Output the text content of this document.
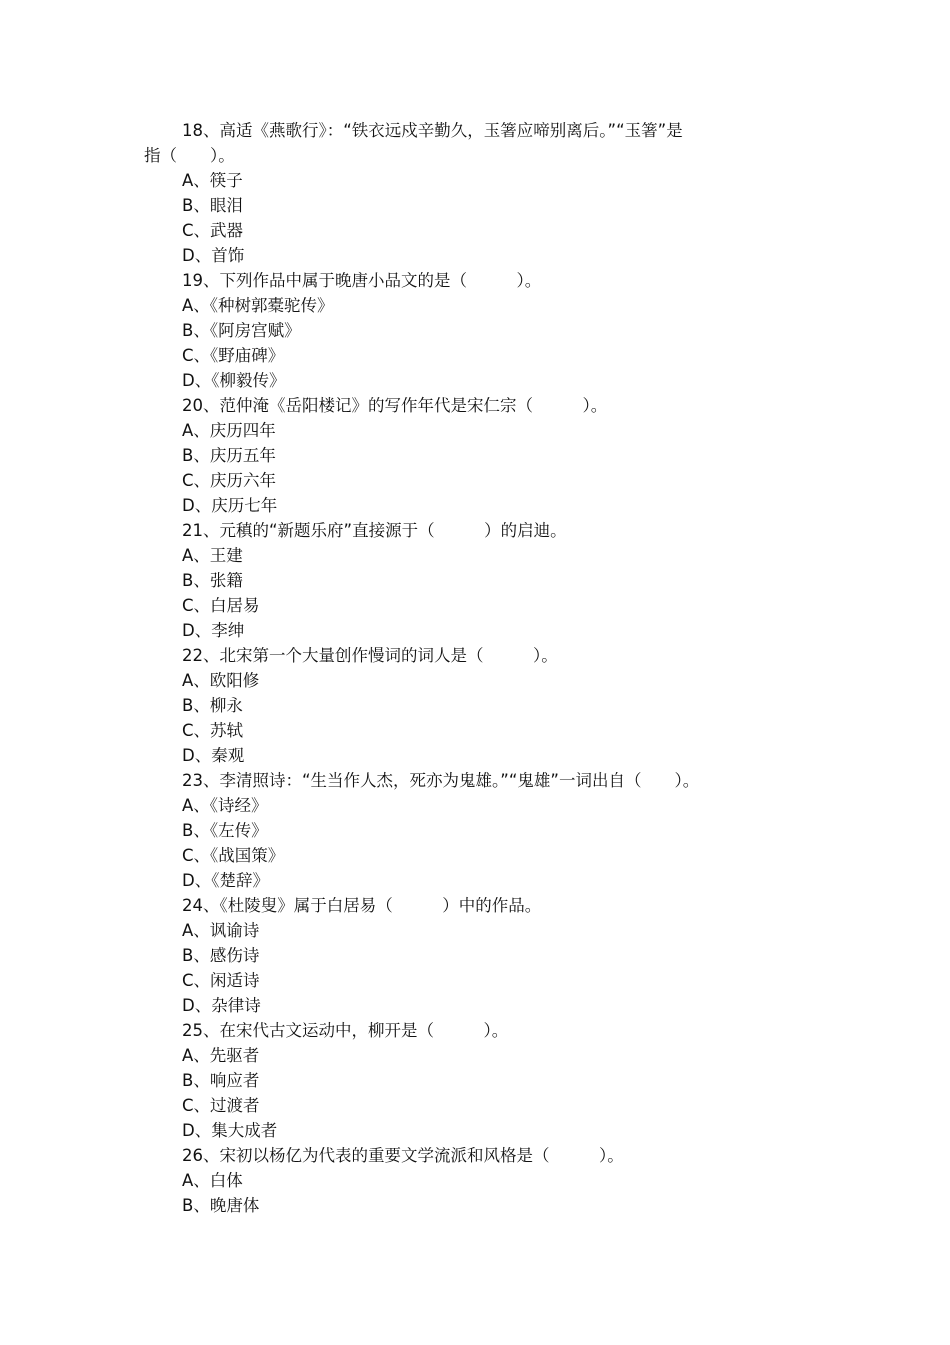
18、高适《燕歌行》：“铁衣远戍辛勤久，玉箸应啼别离后。”“玉箸”是
指（　　）。
A、筷子
B、眼泪
C、武器
D、首饰
19、下列作品中属于晚唐小品文的是（　　　）。
A、《种树郭橐驼传》
B、《阿房宫赋》
C、《野庙碑》
D、《柳毅传》
20、范仲淹《岳阳楼记》的写作年代是宋仁宗（　　　）。
A、庆历四年
B、庆历五年
C、庆历六年
D、庆历七年
21、元稹的“新题乐府”直接源于（　　　）的启迪。
A、王建
B、张籍
C、白居易
D、李绅
22、北宋第一个大量创作慢词的词人是（　　　）。
A、欧阳修
B、柳永
C、苏轼
D、秦观
23、李清照诗：“生当作人杰，死亦为鬼雄。”“鬼雄”一词出自（　　）。
A、《诗经》
B、《左传》
C、《战国策》
D、《楚辞》
24、《杜陵叟》属于白居易（　　　）中的作品。
A、讽谕诗
B、感伤诗
C、闲适诗
D、杂律诗
25、在宋代古文运动中，柳开是（　　　）。
A、先驱者
B、响应者
C、过渡者
D、集大成者
26、宋初以杨亿为代表的重要文学流派和风格是（　　　）。
A、白体
B、晚唐体
